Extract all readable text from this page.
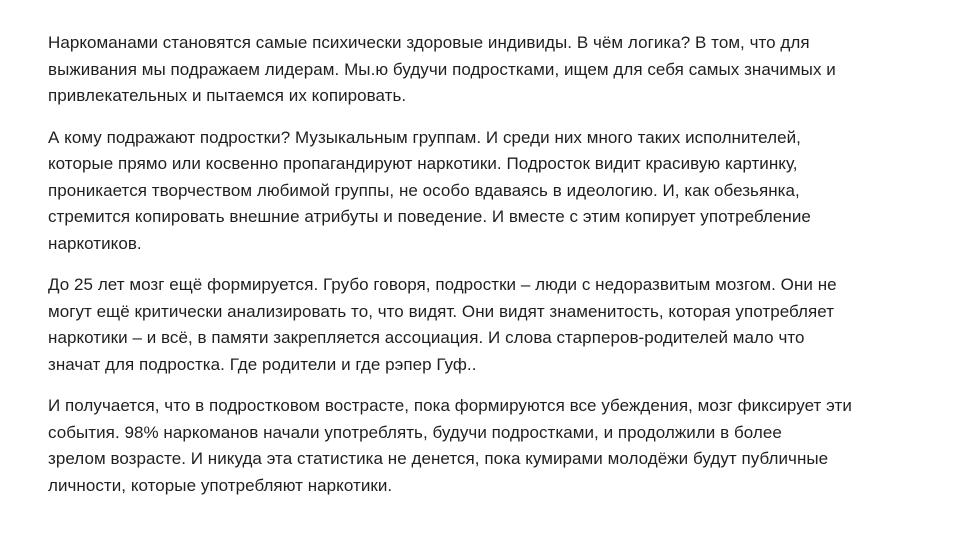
Наркоманами становятся самые психически здоровые индивиды. В чём логика? В том, что для
выживания мы подражаем лидерам. Мы.ю будучи подростками, ищем для себя самых значимых и
привлекательных и пытаемся их копировать.

А кому подражают подростки? Музыкальным группам. И среди них много таких исполнителей,
которые прямо или косвенно пропагандируют наркотики. Подросток видит красивую картинку,
проникается творчеством любимой группы, не особо вдаваясь в идеологию. И, как обезьянка,
стремится копировать внешние атрибуты и поведение. И вместе с этим копирует употребление
наркотиков.

До 25 лет мозг ещё формируется. Грубо говоря, подростки – люди с недоразвитым мозгом. Они не
могут ещё критически анализировать то, что видят. Они видят знаменитость, которая употребляет
наркотики – и всё, в памяти закрепляется ассоциация. И слова старперов-родителей мало что
значат для подростка. Где родители и где рэпер Гуф..

И получается, что в подростковом вострасте, пока формируются все убеждения, мозг фиксирует эти
события. 98% наркоманов начали употреблять, будучи подростками, и продолжили в более
зрелом возрасте. И никуда эта статистика не денется, пока кумирами молодёжи будут публичные
личности, которые употребляют наркотики.
